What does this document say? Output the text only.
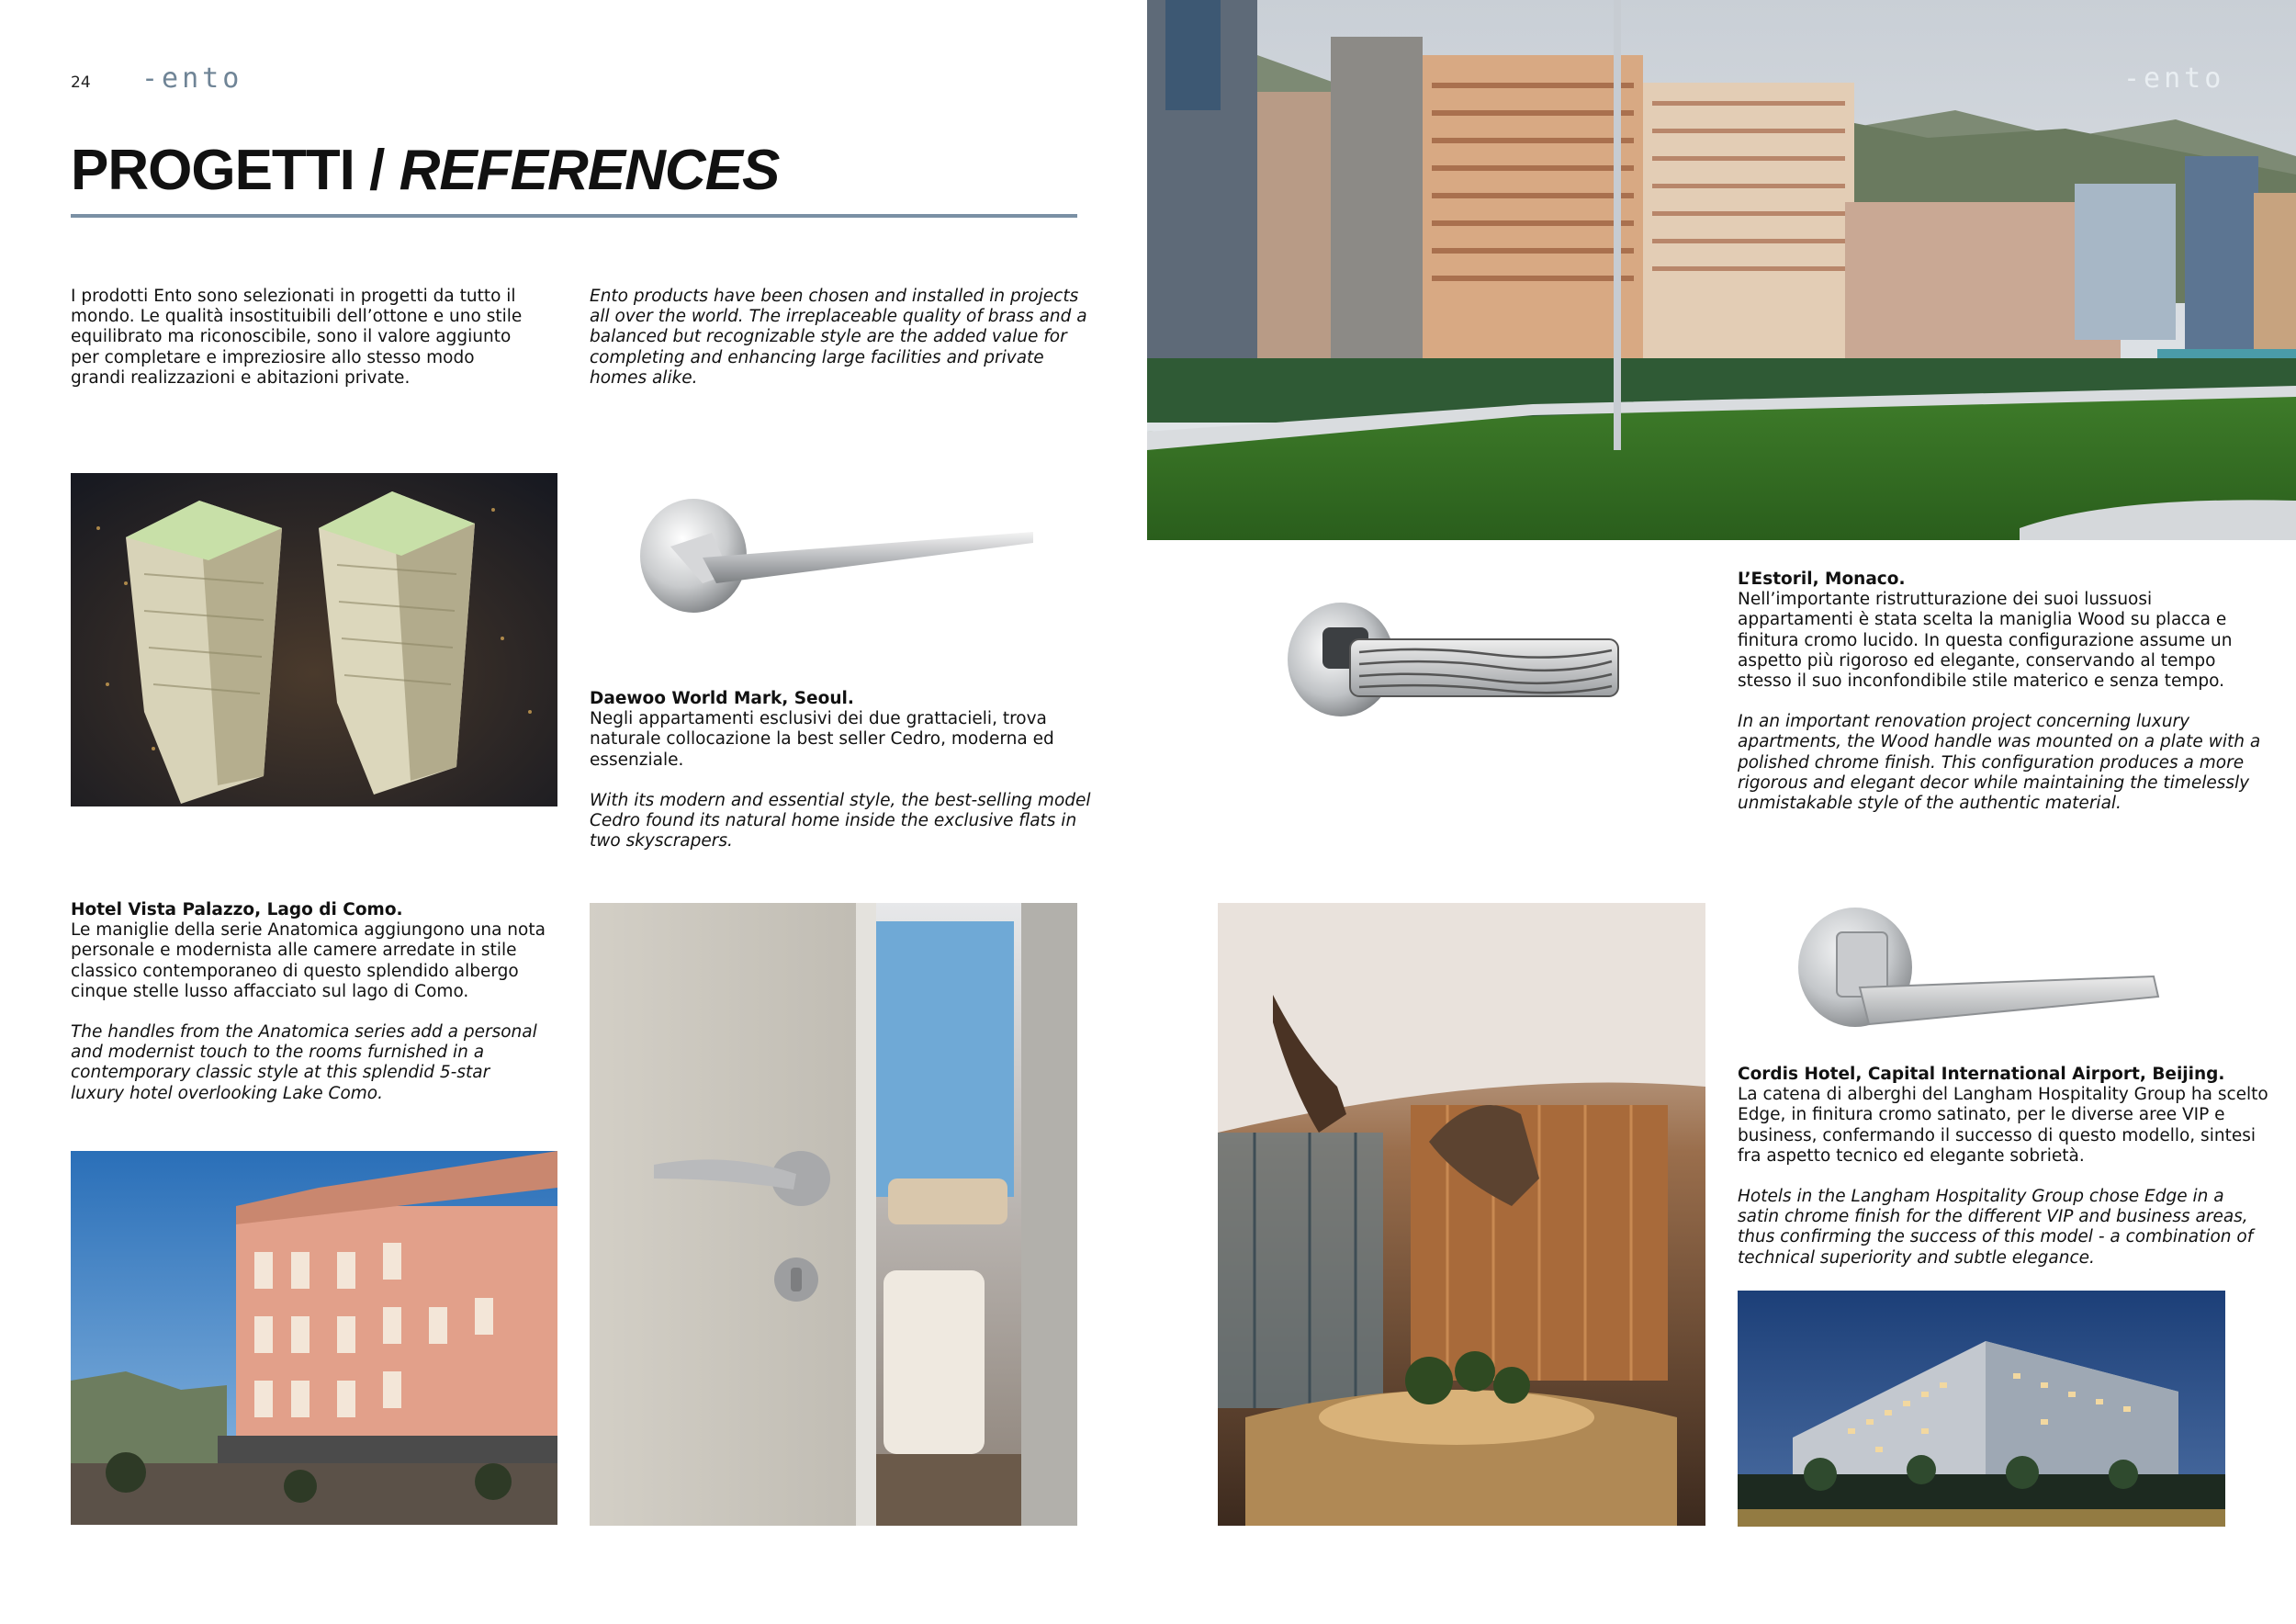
24 -ento
PROGETTI / REFERENCES
I prodotti Ento sono selezionati in progetti da tutto il mondo. Le qualità insostituibili dell’ottone e uno stile equilibrato ma riconoscibile, sono il valore aggiunto per completare e impreziosire allo stesso modo grandi realizzazioni e abitazioni private.
Ento products have been chosen and installed in projects all over the world. The irreplaceable quality of brass and a balanced but recognizable style are the added value for completing and enhancing large facilities and private homes alike.
-ento

Daewoo World Mark, Seoul.
Negli appartamenti esclusivi dei due grattacieli, trova naturale collocazione la best seller Cedro, moderna ed essenziale.

With its modern and essential style, the best-selling model Cedro found its natural home inside the exclusive flats in two skyscrapers.

L’Estoril, Monaco.
Nell’importante ristrutturazione dei suoi lussuosi appartamenti è stata scelta la maniglia Wood su placca e finitura cromo lucido. In questa configurazione assume un aspetto più rigoroso ed elegante, conservando al tempo stesso il suo inconfondibile stile materico e senza tempo.

In an important renovation project concerning luxury apartments, the Wood handle was mounted on a plate with a polished chrome finish. This configuration produces a more rigorous and elegant decor while maintaining the timelessly unmistakable style of the authentic material.

Hotel Vista Palazzo, Lago di Como.
Le maniglie della serie Anatomica aggiungono una nota personale e modernista alle camere arredate in stile classico contemporaneo di questo splendido albergo cinque stelle lusso affacciato sul lago di Como.

The handles from the Anatomica series add a personal and modernist touch to the rooms furnished in a contemporary classic style at this splendid 5-star luxury hotel overlooking Lake Como.

Cordis Hotel, Capital International Airport, Beijing.
La catena di alberghi del Langham Hospitality Group ha scelto Edge, in finitura cromo satinato, per le diverse aree VIP e business, confermando il successo di questo modello, sintesi fra aspetto tecnico ed elegante sobrietà.

Hotels in the Langham Hospitality Group chose Edge in a satin chrome finish for the different VIP and business areas, thus confirming the success of this model - a combination of technical superiority and subtle elegance.
